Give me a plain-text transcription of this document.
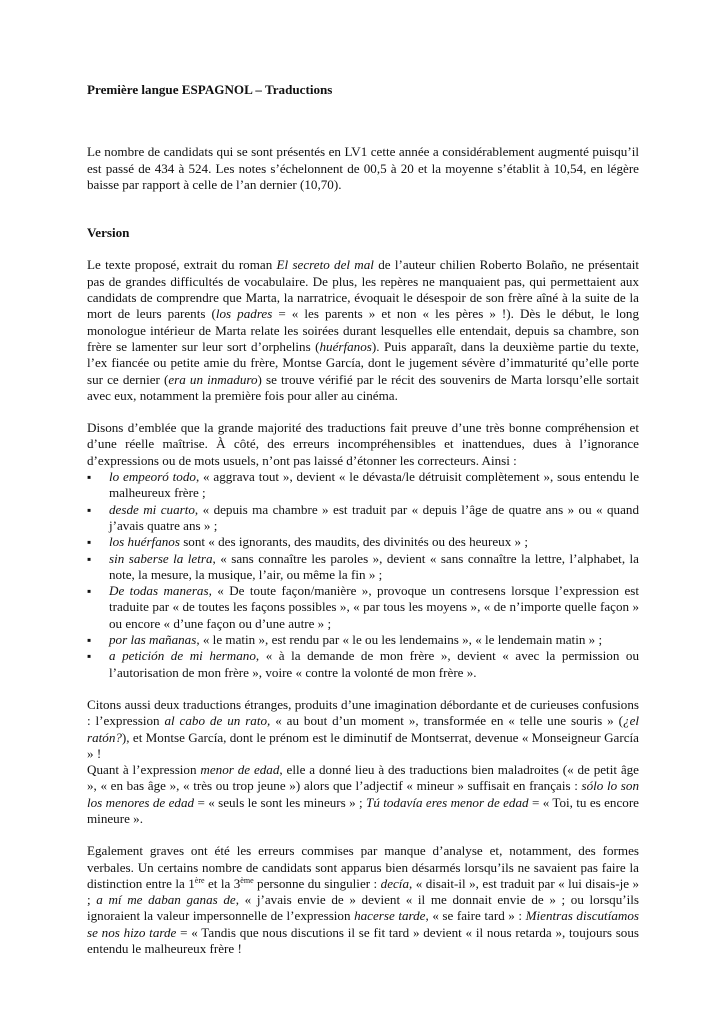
Première langue ESPAGNOL – Traductions

Le nombre de candidats qui se sont présentés en LV1 cette année a considérablement augmenté puisqu’il est passé de 434 à 524. Les notes s’échelonnent de 00,5 à 20 et la moyenne s’établit à 10,54, en légère baisse par rapport à celle de l’an dernier (10,70).

Version

Le texte proposé, extrait du roman El secreto del mal de l’auteur chilien Roberto Bolaño, ne présentait pas de grandes difficultés de vocabulaire. De plus, les repères ne manquaient pas, qui permettaient aux candidats de comprendre que Marta, la narratrice, évoquait le désespoir de son frère aîné à la suite de la mort de leurs parents (los padres = « les parents » et non « les pères » !). Dès le début, le long monologue intérieur de Marta relate les soirées durant lesquelles elle entendait, depuis sa chambre, son frère se lamenter sur leur sort d’orphelins (huérfanos). Puis apparaît, dans la deuxième partie du texte, l’ex fiancée ou petite amie du frère, Montse García, dont le jugement sévère d’immaturité qu’elle porte sur ce dernier (era un inmaduro) se trouve vérifié par le récit des souvenirs de Marta lorsqu’elle sortait avec eux, notamment la première fois pour aller au cinéma.

Disons d’emblée que la grande majorité des traductions fait preuve d’une très bonne compréhension et d’une réelle maîtrise. À côté, des erreurs incompréhensibles et inattendues, dues à l’ignorance d’expressions ou de mots usuels, n’ont pas laissé d’étonner les correcteurs. Ainsi :

▪ lo empeoró todo, « aggrava tout », devient « le dévasta/le détruisit complètement », sous entendu le malheureux frère ;
▪ desde mi cuarto, « depuis ma chambre » est traduit par « depuis l’âge de quatre ans » ou « quand j’avais quatre ans » ;
▪ los huérfanos sont « des ignorants, des maudits, des divinités ou des heureux » ;
▪ sin saberse la letra, « sans connaître les paroles », devient « sans connaître la lettre, l’alphabet, la note, la mesure, la musique, l’air, ou même la fin » ;
▪ De todas maneras, « De toute façon/manière », provoque un contresens lorsque l’expression est traduite par « de toutes les façons possibles », « par tous les moyens », « de n’importe quelle façon » ou encore « d’une façon ou d’une autre » ;
▪ por las mañanas, « le matin », est rendu par « le ou les lendemains », « le lendemain matin » ;
▪ a petición de mi hermano, « à la demande de mon frère », devient « avec la permission ou l’autorisation de mon frère », voire « contre la volonté de mon frère ».

Citons aussi deux traductions étranges, produits d’une imagination débordante et de curieuses confusions : l’expression al cabo de un rato, « au bout d’un moment », transformée en « telle une souris » (¿el ratón?), et Montse García, dont le prénom est le diminutif de Montserrat, devenue « Monseigneur García » !

Quant à l’expression menor de edad, elle a donné lieu à des traductions bien maladroites (« de petit âge », « en bas âge », « très ou trop jeune ») alors que l’adjectif « mineur » suffisait en français : sólo lo son los menores de edad = « seuls le sont les mineurs » ; Tú todavía eres menor de edad = « Toi, tu es encore mineure ».

Egalement graves ont été les erreurs commises par manque d’analyse et, notamment, des formes verbales. Un certains nombre de candidats sont apparus bien désarmés lorsqu’ils ne savaient pas faire la distinction entre la 1ère et la 3ème personne du singulier : decía, « disait-il », est traduit par « lui disais-je » ; a mí me daban ganas de, « j’avais envie de » devient « il me donnait envie de » ; ou lorsqu’ils ignoraient la valeur impersonnelle de l’expression hacerse tarde, « se faire tard » : Mientras discutíamos se nos hizo tarde = « Tandis que nous discutions il se fit tard » devient « il nous retarda », toujours sous entendu le malheureux frère !
